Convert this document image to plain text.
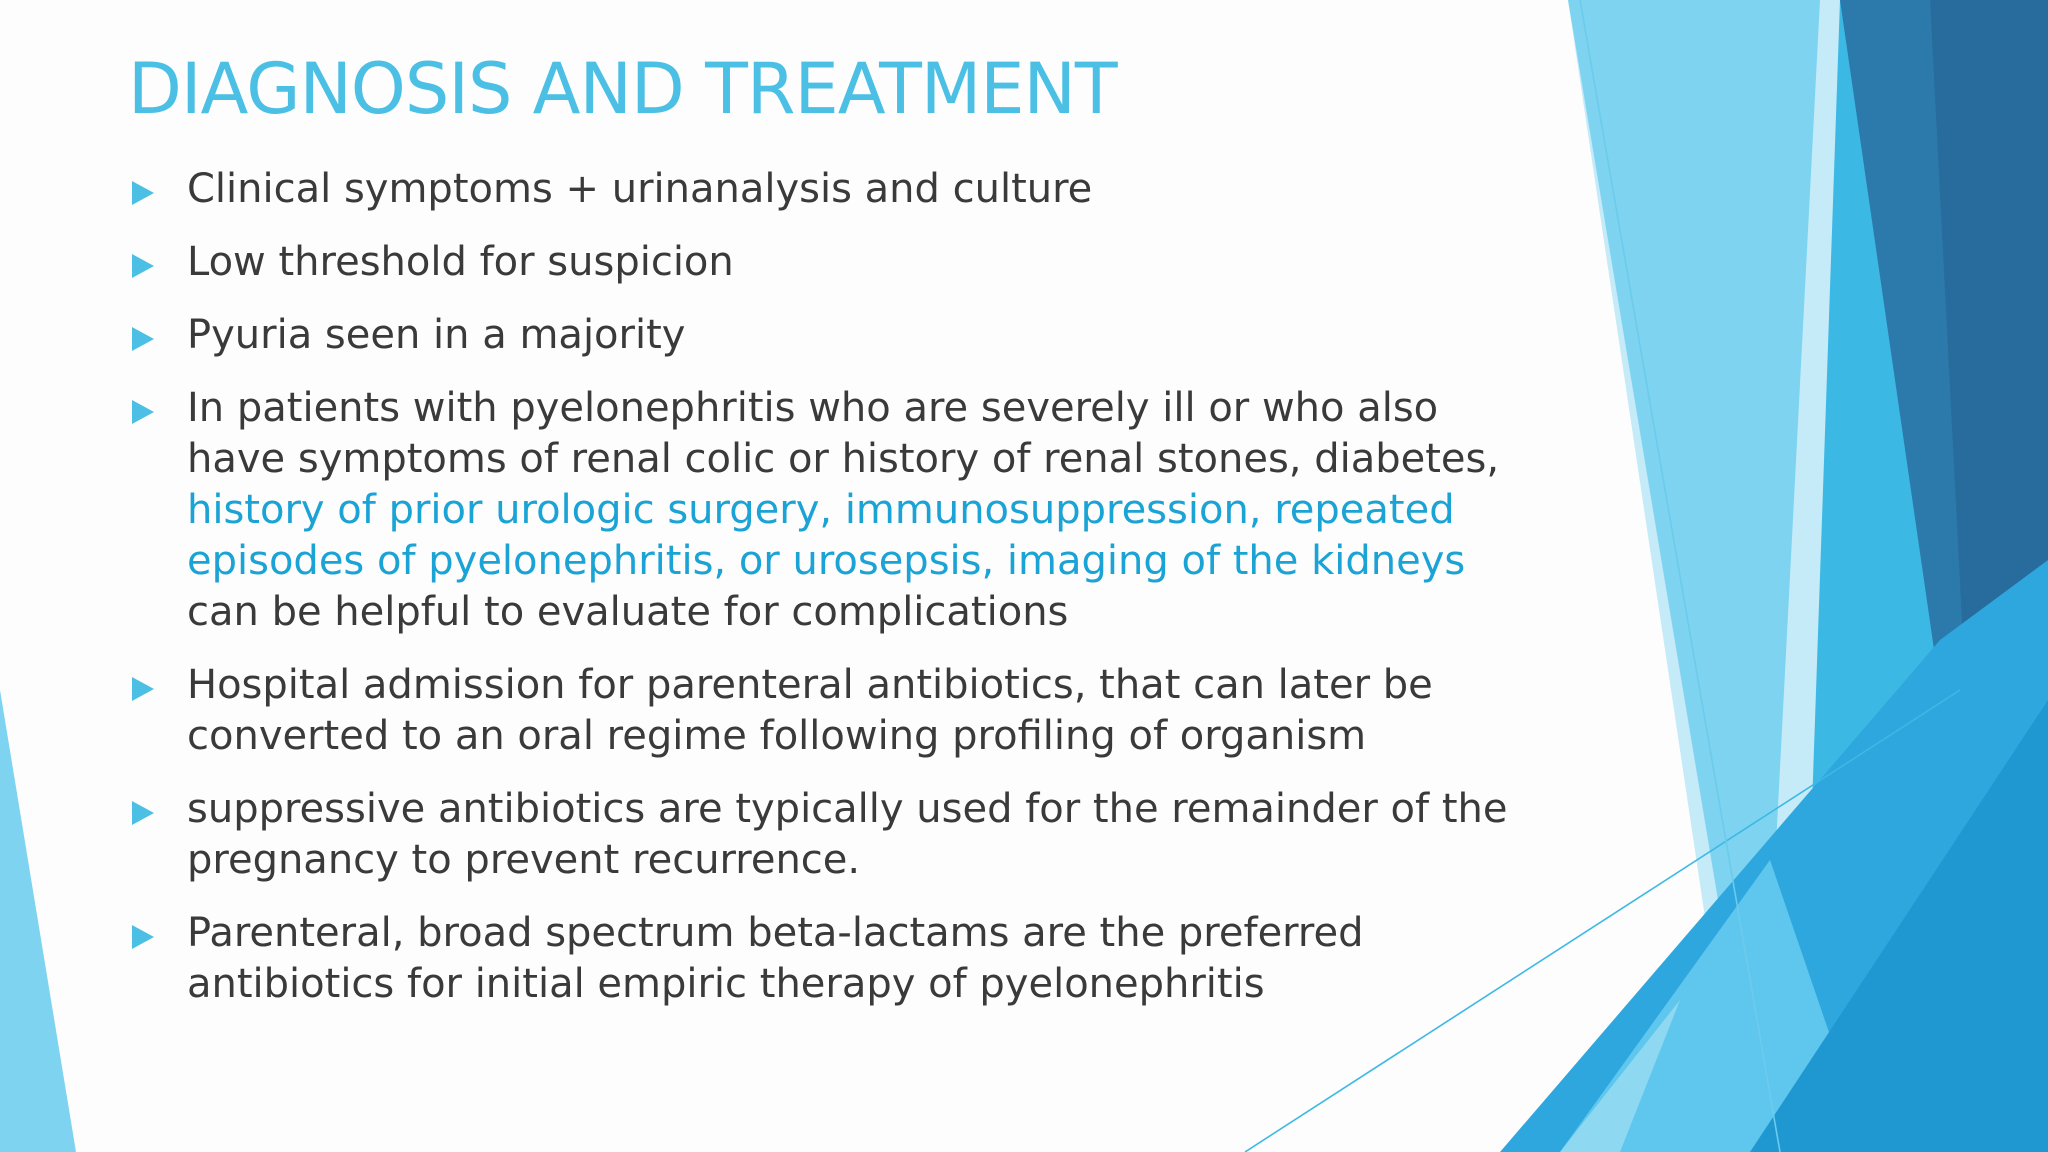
DIAGNOSIS AND TREATMENT
Clinical symptoms + urinanalysis and culture
Low threshold for suspicion
Pyuria seen in a majority
In patients with pyelonephritis who are severely ill or who also have symptoms of renal colic or history of renal stones, diabetes, history of prior urologic surgery, immunosuppression, repeated episodes of pyelonephritis, or urosepsis, imaging of the kidneys can be helpful to evaluate for complications
Hospital admission for parenteral antibiotics, that can later be converted to an oral regime following profiling of organism
suppressive antibiotics are typically used for the remainder of the pregnancy to prevent recurrence.
Parenteral, broad spectrum beta-lactams are the preferred antibiotics for initial empiric therapy of pyelonephritis
